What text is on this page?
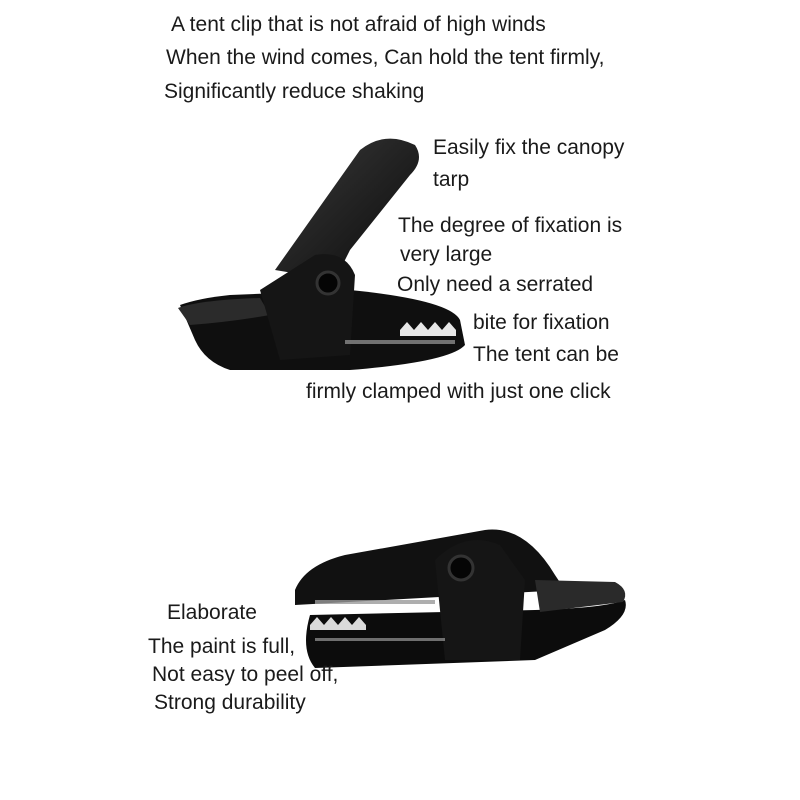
A tent clip that is not afraid of high winds
When the wind comes, Can hold the tent firmly,
Significantly reduce shaking
Easily fix the canopy
tarp
The degree of fixation is
very large
Only need a serrated
bite for fixation
The tent can be
firmly clamped with just one click
Elaborate
The paint is full,
Not easy to peel off,
Strong durability
